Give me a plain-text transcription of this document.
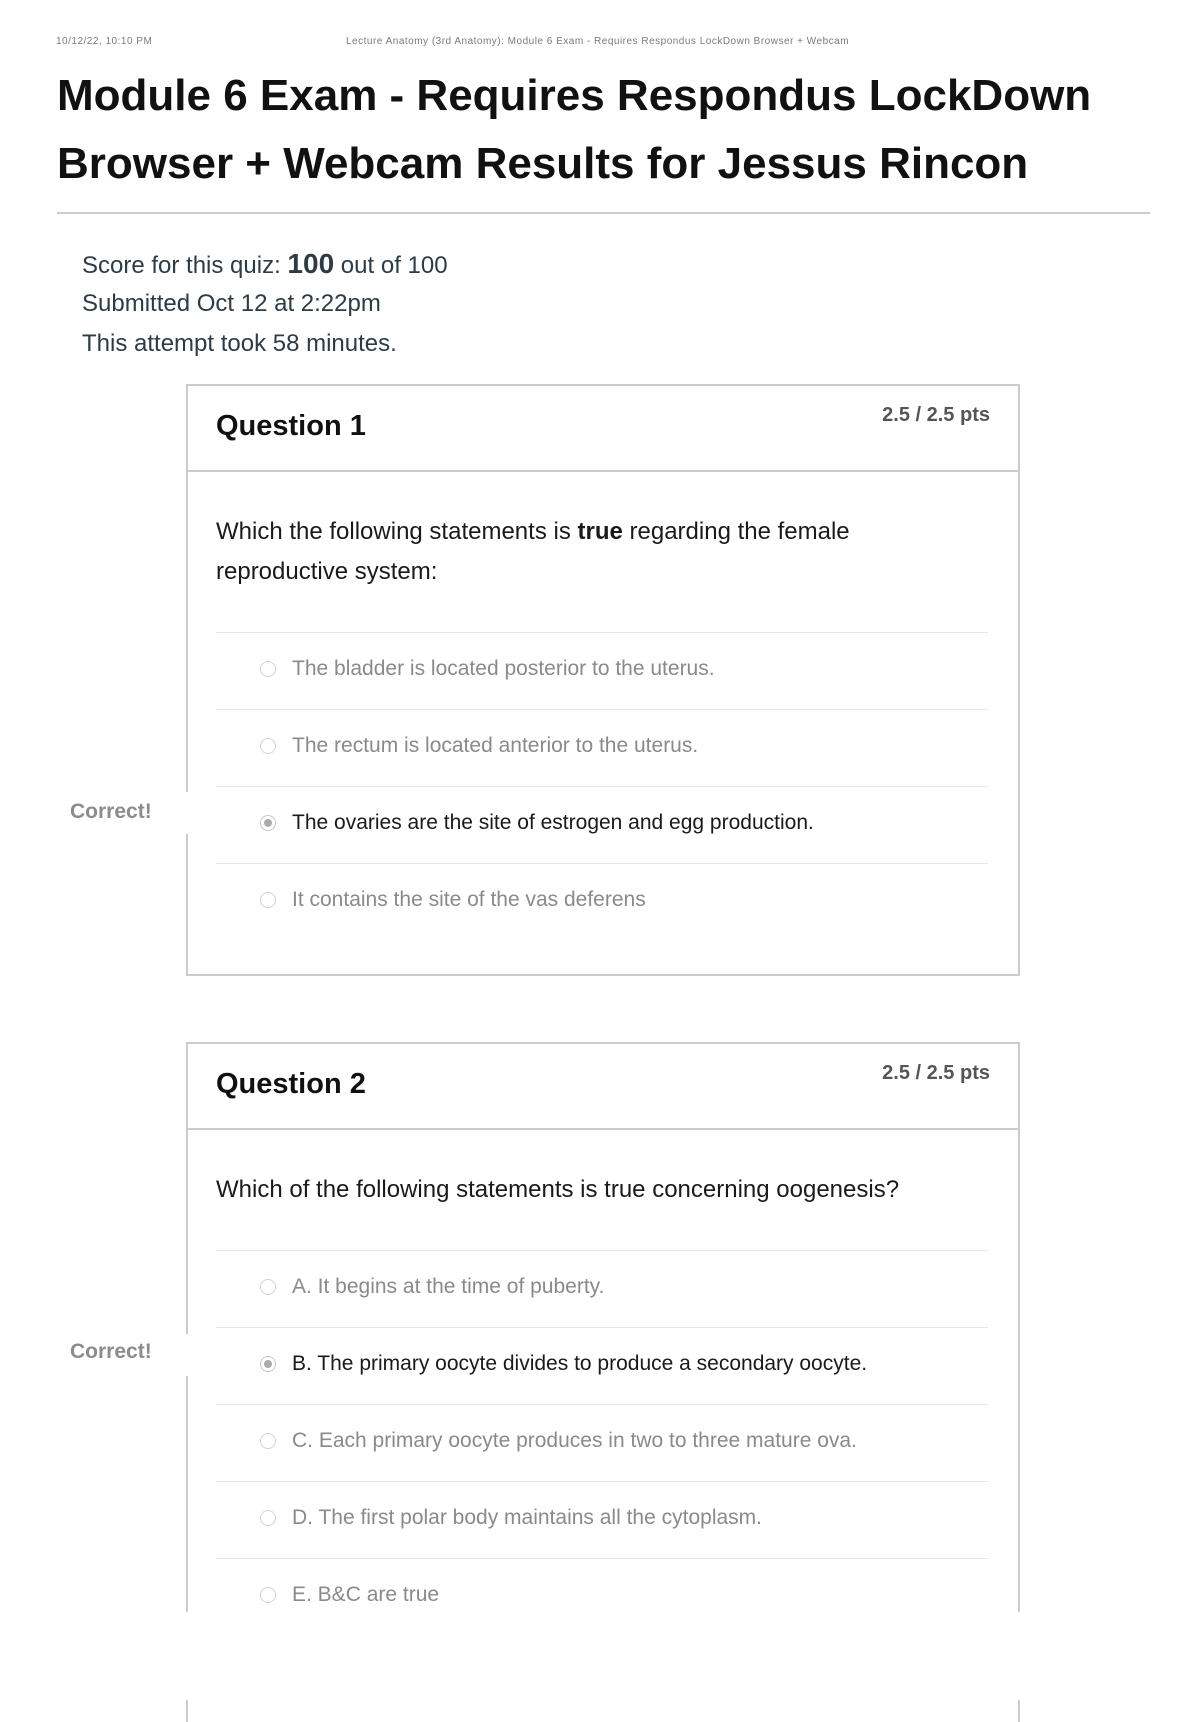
10/12/22, 10:10 PM	Lecture Anatomy (3rd Anatomy): Module 6 Exam - Requires Respondus LockDown Browser + Webcam
Module 6 Exam - Requires Respondus LockDown Browser + Webcam Results for Jessus Rincon
Score for this quiz: 100 out of 100
Submitted Oct 12 at 2:22pm
This attempt took 58 minutes.
Question 1	2.5 / 2.5 pts
Which the following statements is true regarding the female reproductive system:
The bladder is located posterior to the uterus.
The rectum is located anterior to the uterus.
The ovaries are the site of estrogen and egg production.
It contains the site of the vas deferens
Correct!
Question 2	2.5 / 2.5 pts
Which of the following statements is true concerning oogenesis?
A. It begins at the time of puberty.
B. The primary oocyte divides to produce a secondary oocyte.
C. Each primary oocyte produces in two to three mature ova.
D. The first polar body maintains all the cytoplasm.
E. B&C are true
Correct!
